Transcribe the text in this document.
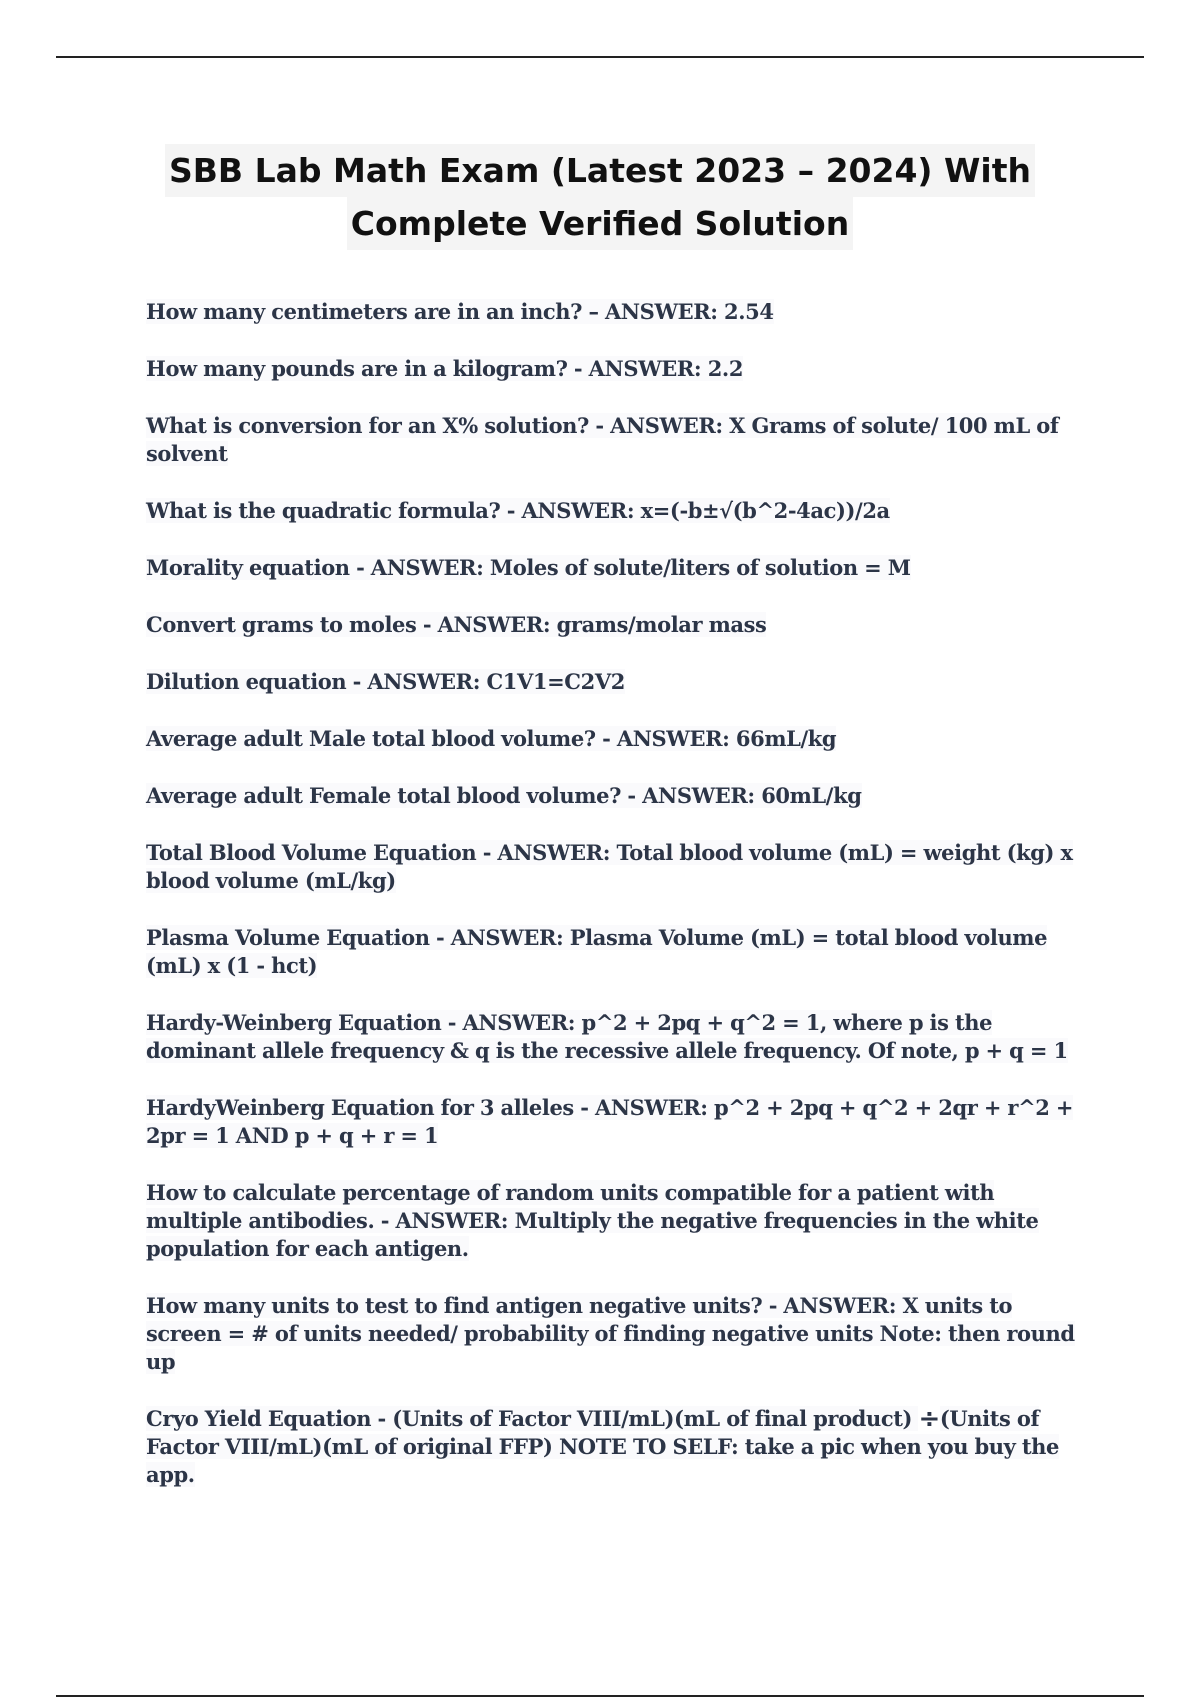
SBB Lab Math Exam (Latest 2023 – 2024) With
Complete Verified Solution

How many centimeters are in an inch? – ANSWER: 2.54

How many pounds are in a kilogram? - ANSWER: 2.2

What is conversion for an X% solution? - ANSWER: X Grams of solute/ 100 mL of solvent

What is the quadratic formula? - ANSWER: x=(-b±√(b^2-4ac))/2a

Morality equation - ANSWER: Moles of solute/liters of solution = M

Convert grams to moles - ANSWER: grams/molar mass

Dilution equation - ANSWER: C1V1=C2V2

Average adult Male total blood volume? - ANSWER: 66mL/kg

Average adult Female total blood volume? - ANSWER: 60mL/kg

Total Blood Volume Equation - ANSWER: Total blood volume (mL) = weight (kg) x blood volume (mL/kg)

Plasma Volume Equation - ANSWER: Plasma Volume (mL) = total blood volume (mL) x (1 - hct)

Hardy-Weinberg Equation - ANSWER: p^2 + 2pq + q^2 = 1, where p is the dominant allele frequency & q is the recessive allele frequency. Of note, p + q = 1

HardyWeinberg Equation for 3 alleles - ANSWER: p^2 + 2pq + q^2 + 2qr + r^2 + 2pr = 1 AND p + q + r = 1

How to calculate percentage of random units compatible for a patient with multiple antibodies. - ANSWER: Multiply the negative frequencies in the white population for each antigen.

How many units to test to find antigen negative units? - ANSWER: X units to screen = # of units needed/ probability of finding negative units Note: then round up

Cryo Yield Equation - (Units of Factor VIII/mL)(mL of final product) ÷(Units of Factor VIII/mL)(mL of original FFP) NOTE TO SELF: take a pic when you buy the app.
